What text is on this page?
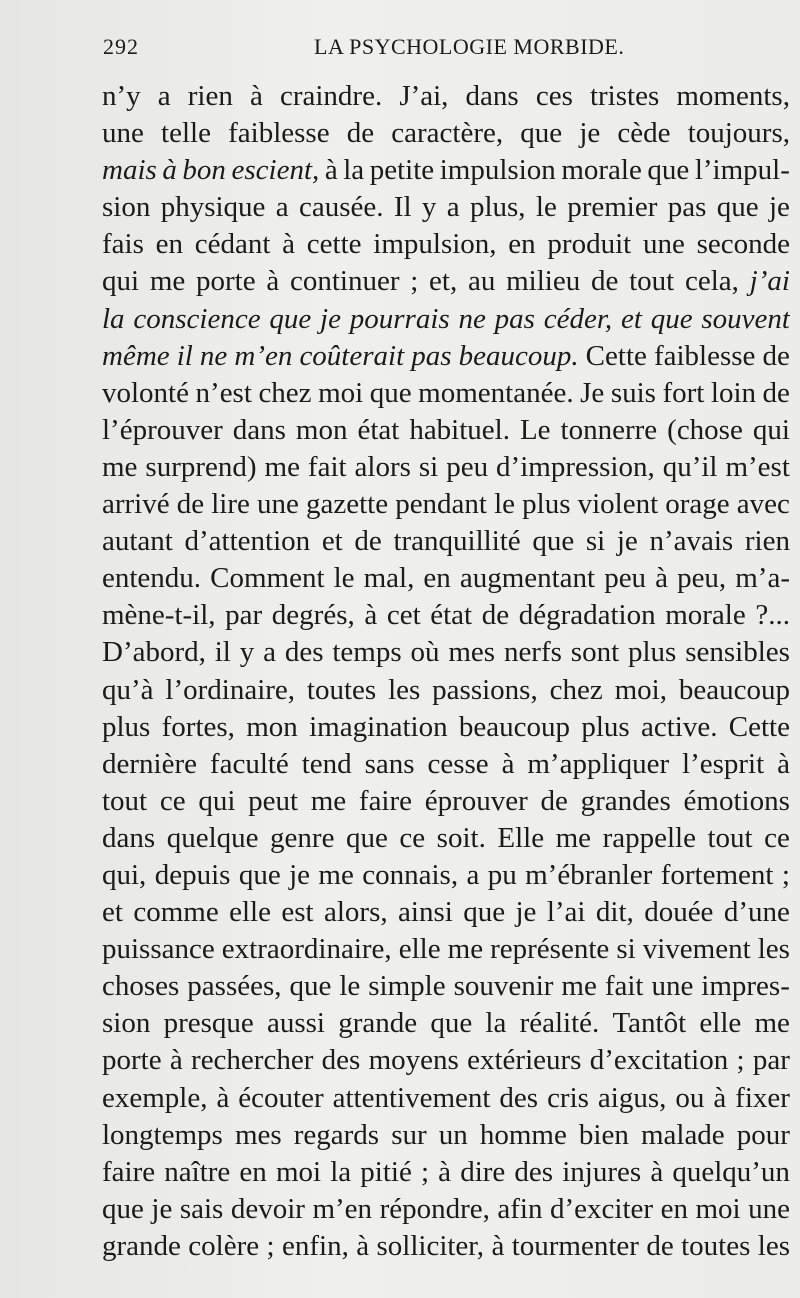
292	LA PSYCHOLOGIE MORBIDE.
n’y a rien à craindre. J’ai, dans ces tristes moments,
une telle faiblesse de caractère, que je cède toujours,
mais à bon escient, à la petite impulsion morale que l’impul-
sion physique a causée. Il y a plus, le premier pas que je
fais en cédant à cette impulsion, en produit une seconde
qui me porte à continuer ; et, au milieu de tout cela, j’ai
la conscience que je pourrais ne pas céder, et que souvent
même il ne m’en coûterait pas beaucoup. Cette faiblesse de
volonté n’est chez moi que momentanée. Je suis fort loin de
l’éprouver dans mon état habituel. Le tonnerre (chose qui
me surprend) me fait alors si peu d’impression, qu’il m’est
arrivé de lire une gazette pendant le plus violent orage avec
autant d’attention et de tranquillité que si je n’avais rien
entendu. Comment le mal, en augmentant peu à peu, m’a-
mène-t-il, par degrés, à cet état de dégradation morale ?...
D’abord, il y a des temps où mes nerfs sont plus sensibles
qu’à l’ordinaire, toutes les passions, chez moi, beaucoup
plus fortes, mon imagination beaucoup plus active. Cette
dernière faculté tend sans cesse à m’appliquer l’esprit à
tout ce qui peut me faire éprouver de grandes émotions
dans quelque genre que ce soit. Elle me rappelle tout ce
qui, depuis que je me connais, a pu m’ébranler fortement ;
et comme elle est alors, ainsi que je l’ai dit, douée d’une
puissance extraordinaire, elle me représente si vivement les
choses passées, que le simple souvenir me fait une impres-
sion presque aussi grande que la réalité. Tantôt elle me
porte à rechercher des moyens extérieurs d’excitation ; par
exemple, à écouter attentivement des cris aigus, ou à fixer
longtemps mes regards sur un homme bien malade pour
faire naître en moi la pitié ; à dire des injures à quelqu’un
que je sais devoir m’en répondre, afin d’exciter en moi une
grande colère ; enfin, à solliciter, à tourmenter de toutes les
